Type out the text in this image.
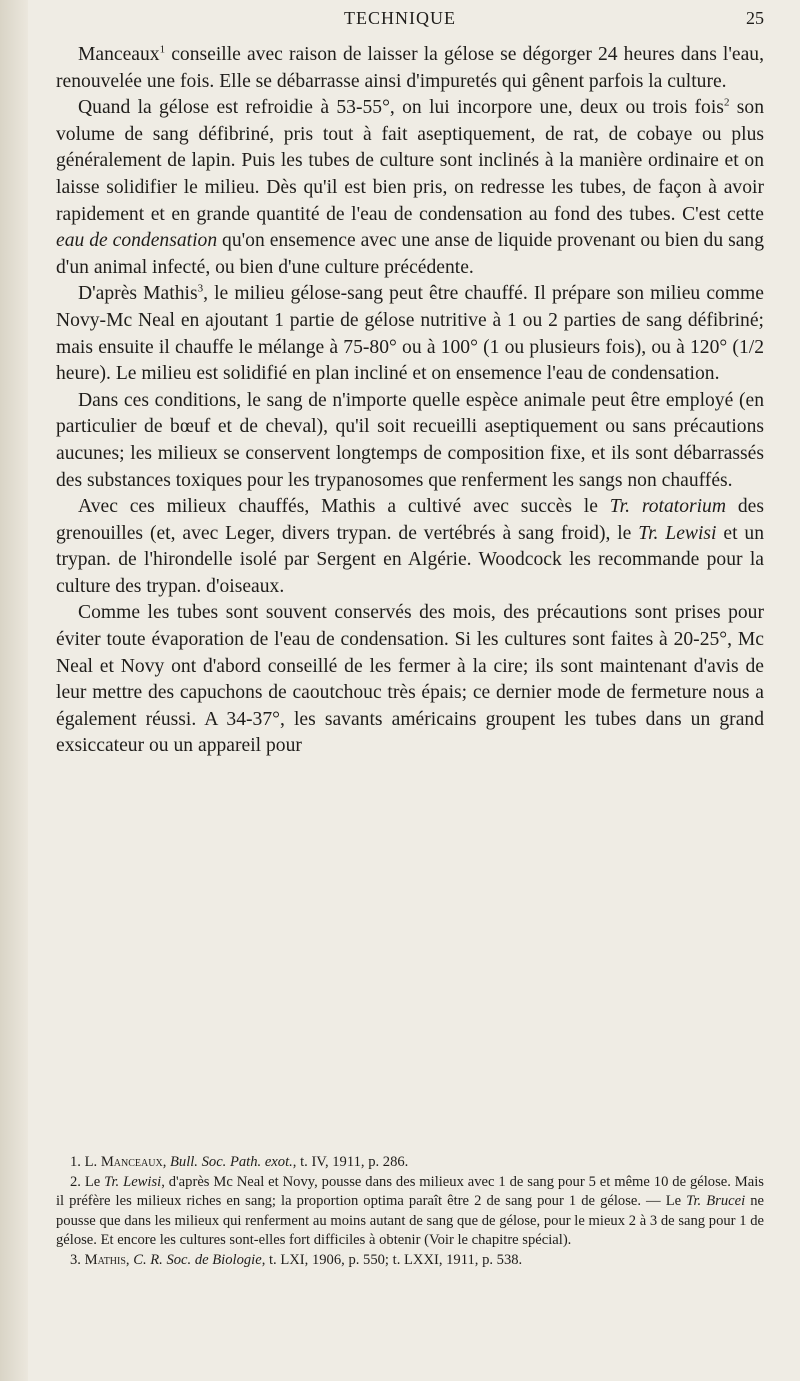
TECHNIQUE	25

Manceaux$^1$ conseille avec raison de laisser la gélose se dégorger 24 heures dans l'eau, renouvelée une fois. Elle se débarrasse ainsi d'impuretés qui gênent parfois la culture.

Quand la gélose est refroidie à 53-55°, on lui incorpore une, deux ou trois fois$^2$ son volume de sang défibriné, pris tout à fait aseptiquement, de rat, de cobaye ou plus généralement de lapin. Puis les tubes de culture sont inclinés à la manière ordinaire et on laisse solidifier le milieu. Dès qu'il est bien pris, on redresse les tubes, de façon à avoir rapidement et en grande quantité de l'eau de condensation au fond des tubes. C'est cette eau de condensation qu'on ensemence avec une anse de liquide provenant ou bien du sang d'un animal infecté, ou bien d'une culture précédente.

D'après Mathis$^3$, le milieu gélose-sang peut être chauffé. Il prépare son milieu comme Novy-Mc Neal en ajoutant 1 partie de gélose nutritive à 1 ou 2 parties de sang défibriné; mais ensuite il chauffe le mélange à 75-80° ou à 100° (1 ou plusieurs fois), ou à 120° (1/2 heure). Le milieu est solidifié en plan incliné et on ensemence l'eau de condensation.

Dans ces conditions, le sang de n'importe quelle espèce animale peut être employé (en particulier de bœuf et de cheval), qu'il soit recueilli aseptiquement ou sans précautions aucunes; les milieux se conservent longtemps de composition fixe, et ils sont débarrassés des substances toxiques pour les trypanosomes que renferment les sangs non chauffés.

Avec ces milieux chauffés, Mathis a cultivé avec succès le Tr. rotatorium des grenouilles (et, avec Leger, divers trypan. de vertébrés à sang froid), le Tr. Lewisi et un trypan. de l'hirondelle isolé par Sergent en Algérie. Woodcock les recommande pour la culture des trypan. d'oiseaux.

Comme les tubes sont souvent conservés des mois, des précautions sont prises pour éviter toute évaporation de l'eau de condensation. Si les cultures sont faites à 20-25°, Mc Neal et Novy ont d'abord conseillé de les fermer à la cire; ils sont maintenant d'avis de leur mettre des capuchons de caoutchouc très épais; ce dernier mode de fermeture nous a également réussi. A 34-37°, les savants américains groupent les tubes dans un grand exsiccateur ou un appareil pour

1. L. Manceaux, Bull. Soc. Path. exot., t. IV, 1911, p. 286.

2. Le Tr. Lewisi, d'après Mc Neal et Novy, pousse dans des milieux avec 1 de sang pour 5 et même 10 de gélose. Mais il préfère les milieux riches en sang; la proportion optima paraît être 2 de sang pour 1 de gélose. — Le Tr. Brucei ne pousse que dans les milieux qui renferment au moins autant de sang que de gélose, pour le mieux 2 à 3 de sang pour 1 de gélose. Et encore les cultures sont-elles fort difficiles à obtenir (Voir le chapitre spécial).

3. Mathis, C. R. Soc. de Biologie, t. LXI, 1906, p. 550; t. LXXI, 1911, p. 538.
